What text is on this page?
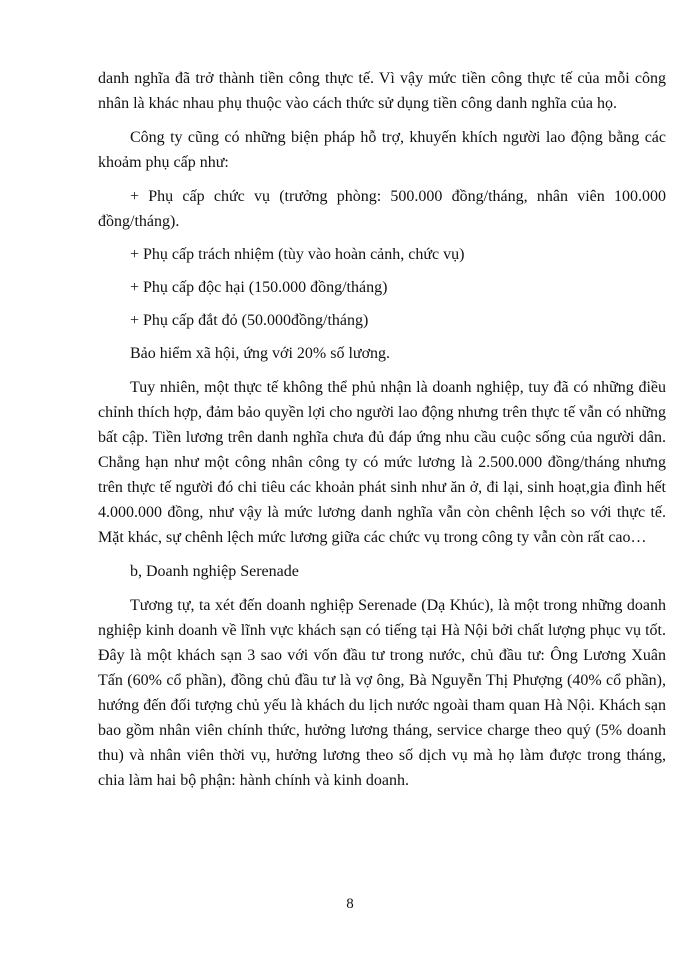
danh nghĩa đã trở thành tiền công thực tế. Vì vậy mức tiền công thực tế của mỗi công nhân là khác nhau phụ thuộc vào cách thức sử dụng tiền công danh nghĩa của họ.

Công ty cũng có những biện pháp hỗ trợ, khuyến khích người lao động bằng các khoảm phụ cấp như:

+ Phụ cấp chức vụ (trưởng phòng: 500.000 đồng/tháng, nhân viên 100.000 đồng/tháng).

+ Phụ cấp trách nhiệm (tùy vào hoàn cảnh, chức vụ)

+ Phụ cấp độc hại (150.000 đồng/tháng)

+ Phụ cấp đắt đỏ (50.000đồng/tháng)

Bảo hiểm xã hội, ứng với 20% số lương.

Tuy nhiên, một thực tế không thể phủ nhận là doanh nghiệp, tuy đã có những điều chỉnh thích hợp, đảm bảo quyền lợi cho người lao động nhưng trên thực tế vẫn có những bất cập. Tiền lương trên danh nghĩa chưa đủ đáp ứng nhu cầu cuộc sống của người dân. Chẳng hạn như một công nhân công ty có mức lương là 2.500.000 đồng/tháng nhưng trên thực tế người đó chi tiêu các khoản phát sinh như ăn ở, đi lại, sinh hoạt,gia đình hết 4.000.000 đồng, như vậy là mức lương danh nghĩa vẫn còn chênh lệch so với thực tế. Mặt khác, sự chênh lệch mức lương giữa các chức vụ trong công ty vẫn còn rất cao…

b, Doanh nghiệp Serenade

Tương tự, ta xét đến doanh nghiệp Serenade (Dạ Khúc), là một trong những doanh nghiệp kinh doanh về lĩnh vực khách sạn có tiếng tại Hà Nội bởi chất lượng phục vụ tốt. Đây là một khách sạn 3 sao với vốn đầu tư trong nước, chủ đầu tư: Ông Lương Xuân Tấn (60% cổ phần), đồng chủ đầu tư là vợ ông, Bà Nguyễn Thị Phượng (40% cổ phần), hướng đến đối tượng chủ yếu là khách du lịch nước ngoài tham quan Hà Nội. Khách sạn bao gồm nhân viên chính thức, hưởng lương tháng, service charge theo quý (5% doanh thu) và nhân viên thời vụ, hưởng lương theo số dịch vụ mà họ làm được trong tháng, chia làm hai bộ phận: hành chính và kinh doanh.

8
